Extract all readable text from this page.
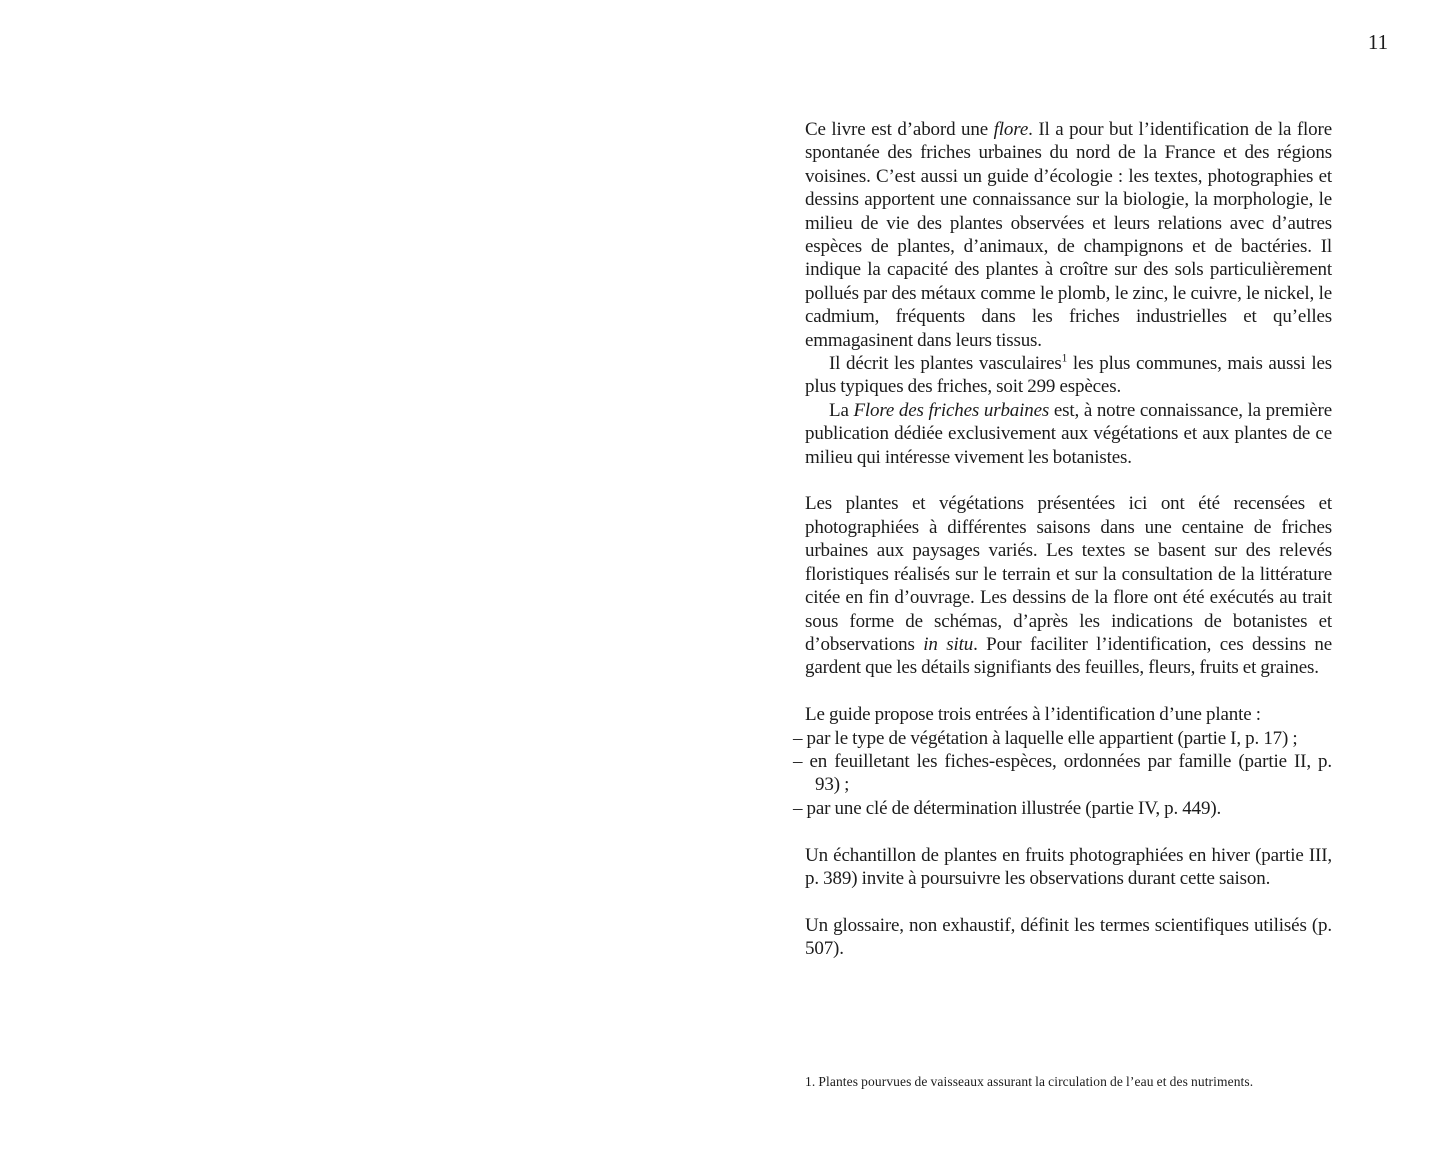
11

Ce livre est d’abord une flore. Il a pour but l’identification de la flore spontanée des friches urbaines du nord de la France et des régions voisines. C’est aussi un guide d’écologie : les textes, photographies et dessins apportent une connaissance sur la biologie, la morphologie, le milieu de vie des plantes observées et leurs relations avec d’autres espèces de plantes, d’animaux, de champignons et de bactéries. Il indique la capacité des plantes à croître sur des sols particulièrement pollués par des métaux comme le plomb, le zinc, le cuivre, le nickel, le cadmium, fréquents dans les friches industrielles et qu’elles emmagasinent dans leurs tissus.

Il décrit les plantes vasculaires$^1$ les plus communes, mais aussi les plus typiques des friches, soit 299 espèces.

La Flore des friches urbaines est, à notre connaissance, la première publication dédiée exclusivement aux végétations et aux plantes de ce milieu qui intéresse vivement les botanistes.

Les plantes et végétations présentées ici ont été recensées et photographiées à différentes saisons dans une centaine de friches urbaines aux paysages variés. Les textes se basent sur des relevés floristiques réalisés sur le terrain et sur la consultation de la littérature citée en fin d’ouvrage. Les dessins de la flore ont été exécutés au trait sous forme de schémas, d’après les indications de botanistes et d’observations in situ. Pour faciliter l’identification, ces dessins ne gardent que les détails signifiants des feuilles, fleurs, fruits et graines.

Le guide propose trois entrées à l’identification d’une plante :

– par le type de végétation à laquelle elle appartient (partie I, p. 17) ;

– en feuilletant les fiches-espèces, ordonnées par famille (partie II, p. 93) ;

– par une clé de détermination illustrée (partie IV, p. 449).

Un échantillon de plantes en fruits photographiées en hiver (partie III, p. 389) invite à poursuivre les observations durant cette saison.

Un glossaire, non exhaustif, définit les termes scientifiques utilisés (p. 507).

1. Plantes pourvues de vaisseaux assurant la circulation de l’eau et des nutriments.
